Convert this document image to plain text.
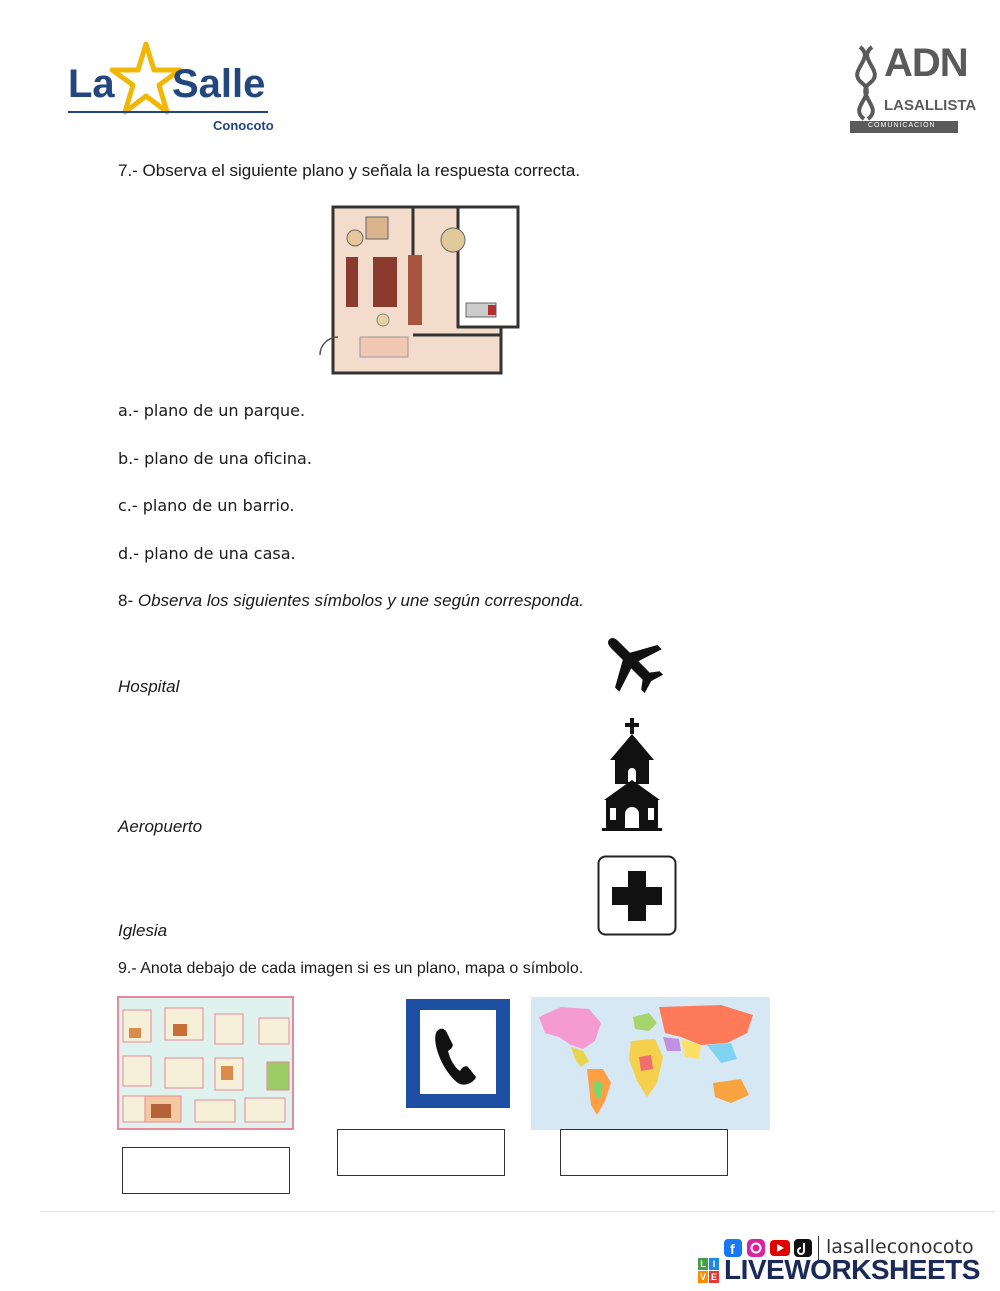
La Salle
Conocoto
ADN
LASALLISTA
COMUNICACIÓN
7.- Observa el siguiente plano y señala la respuesta correcta.
a.- plano de un parque.
b.- plano de una oficina.
c.- plano de un barrio.
d.- plano de una casa.
8- Observa los siguientes símbolos y une según corresponda.
Hospital
Aeropuerto
Iglesia
9.- Anota debajo de cada imagen si es un plano, mapa o símbolo.
f	lasalleconocoto
L I
V E LIVEWORKSHEETS
